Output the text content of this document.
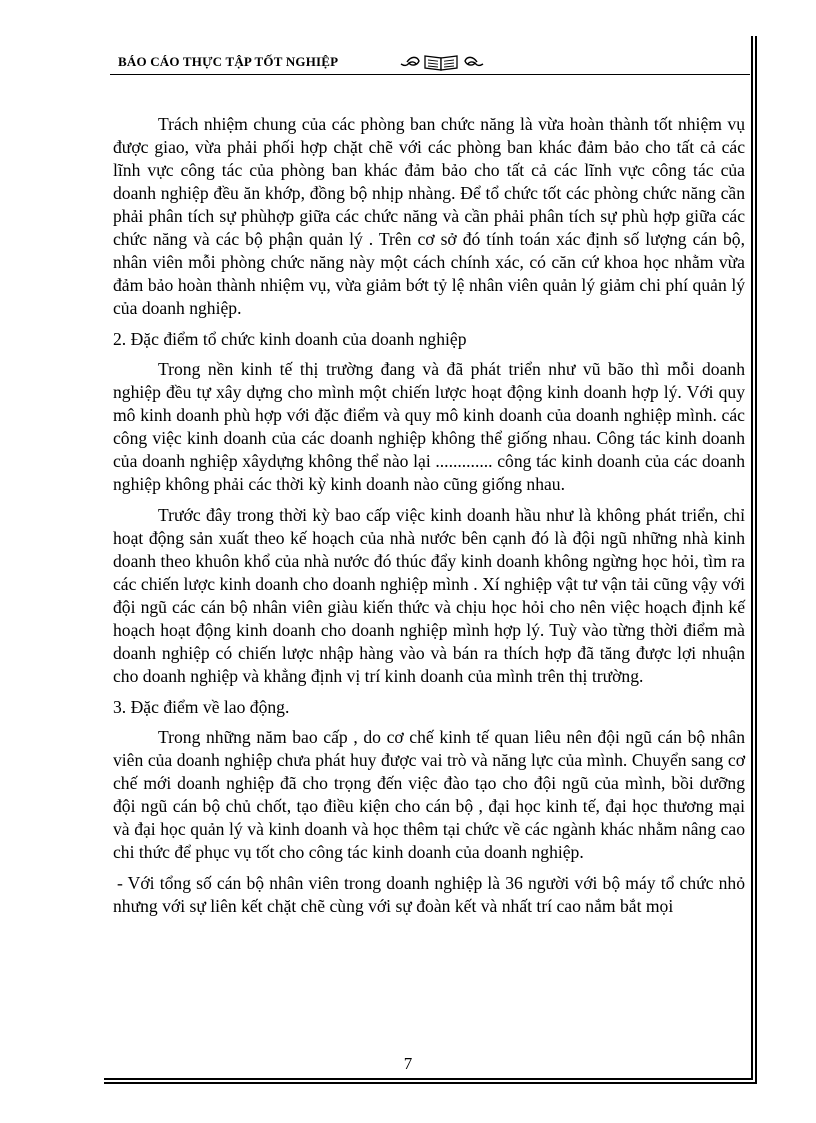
BÁO CÁO THỰC TẬP TỐT NGHIỆP

Trách nhiệm chung của các phòng ban chức năng là vừa hoàn thành tốt nhiệm vụ được giao, vừa phải phối hợp chặt chẽ với các phòng ban khác đảm bảo cho tất cả các lĩnh vực công tác của phòng ban khác đảm bảo cho tất cả các lĩnh vực công tác của doanh nghiệp đều ăn khớp, đồng bộ nhịp nhàng. Để tổ chức tốt các phòng chức năng cần phải phân tích sự phùhợp giữa các chức năng và cần phải phân tích sự phù hợp giữa các chức năng và các bộ phận quản lý . Trên cơ sở đó tính toán xác định số lượng cán bộ, nhân viên mỗi phòng chức năng này một cách chính xác, có căn cứ khoa học nhằm vừa đảm bảo hoàn thành nhiệm vụ, vừa giảm bớt tỷ lệ nhân viên quản lý giảm chi phí quản lý của doanh nghiệp.

2. Đặc điểm tổ chức kinh doanh của doanh nghiệp

Trong nền kinh tế thị trường đang và đã phát triển như vũ bão thì mỗi doanh nghiệp đều tự xây dựng cho mình một chiến lược hoạt động kinh doanh hợp lý. Với quy mô kinh doanh phù hợp với đặc điểm và quy mô kinh doanh của doanh nghiệp mình. các công việc kinh doanh của các doanh nghiệp không thể giống nhau. Công tác kinh doanh của doanh nghiệp xâydựng không thể nào lại ............. công tác kinh doanh của các doanh nghiệp không phải các thời kỳ kinh doanh nào cũng giống nhau.

Trước đây trong thời kỳ bao cấp việc kinh doanh hầu như là không phát triển, chỉ hoạt động sản xuất theo kế hoạch của nhà nước bên cạnh đó là đội ngũ những nhà kinh doanh theo khuôn khổ của nhà nước đó thúc đẩy kinh doanh không ngừng học hỏi, tìm ra các chiến lược kinh doanh cho doanh nghiệp mình . Xí nghiệp vật tư vận tải cũng vậy với đội ngũ các cán bộ nhân viên giàu kiến thức và chịu học hỏi cho nên việc hoạch định kế hoạch hoạt động kinh doanh cho doanh nghiệp mình hợp lý. Tuỳ vào từng thời điểm mà doanh nghiệp có chiến lược nhập hàng vào và bán ra thích hợp đã tăng được lợi nhuận cho doanh nghiệp và khẳng định vị trí kinh doanh của mình trên thị trường.

3. Đặc điểm về lao động.

Trong những năm bao cấp , do cơ chế kinh tế quan liêu nên đội ngũ cán bộ nhân viên của doanh nghiệp chưa phát huy được vai trò và năng lực của mình. Chuyển sang cơ chế mới doanh nghiệp đã cho trọng đến việc đào tạo cho đội ngũ của mình, bồi dưỡng đội ngũ cán bộ chủ chốt, tạo điều kiện cho cán bộ , đại học kinh tế, đại học thương mại và đại học quản lý và kinh doanh và học thêm tại chức về các ngành khác nhằm nâng cao chi thức để phục vụ tốt cho công tác kinh doanh của doanh nghiệp.

- Với tổng số cán bộ nhân viên trong doanh nghiệp là 36 người với bộ máy tổ chức nhỏ nhưng với sự liên kết chặt chẽ cùng với sự đoàn kết và nhất trí cao nắm bắt mọi

7
